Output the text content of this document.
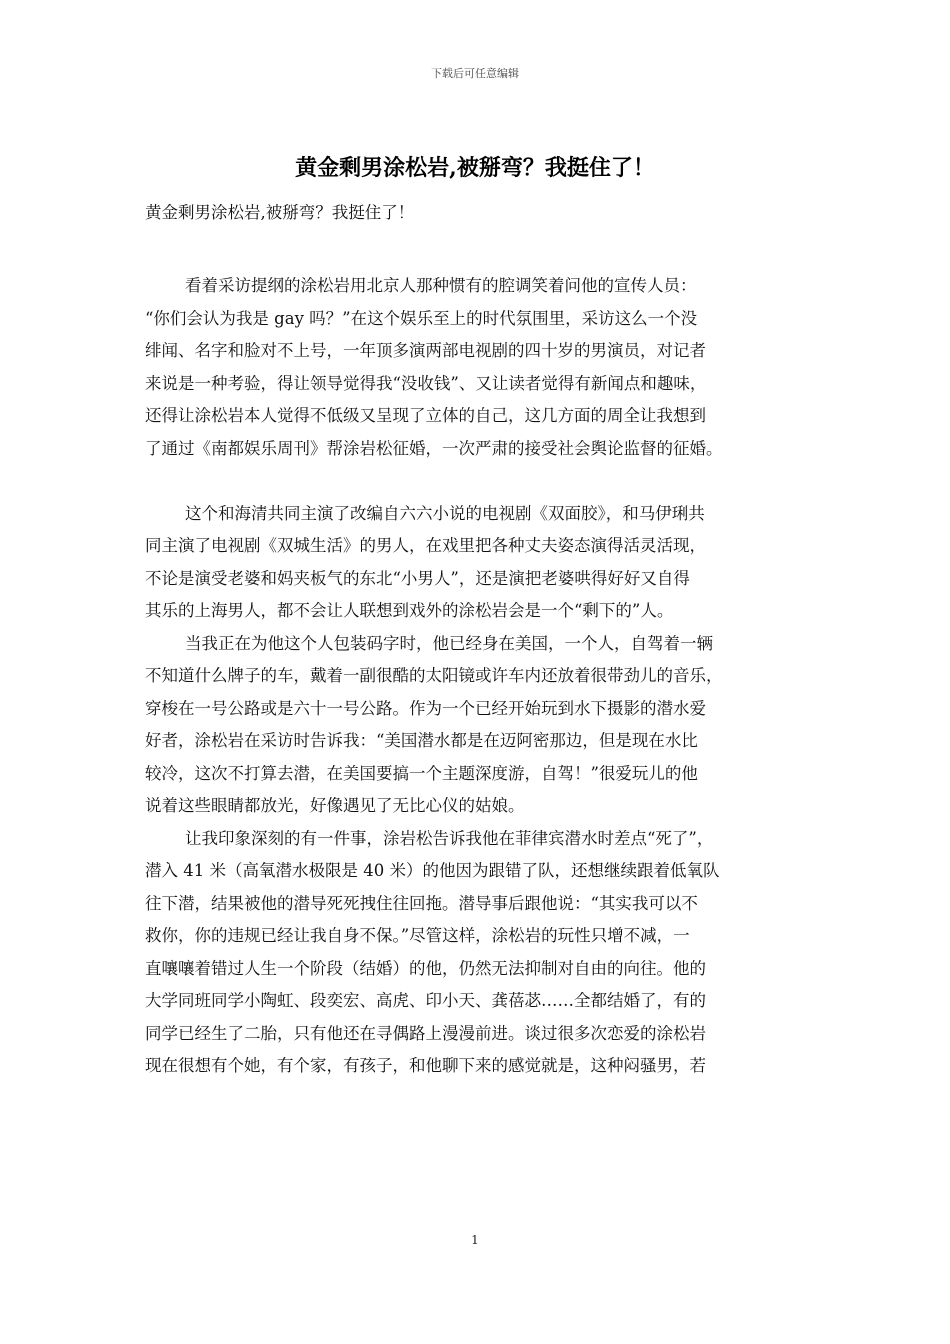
下载后可任意编辑
黄金剩男涂松岩,被掰弯？我挺住了！
黄金剩男涂松岩,被掰弯？我挺住了！
看着采访提纲的涂松岩用北京人那种惯有的腔调笑着问他的宣传人员：
“你们会认为我是 gay 吗？”在这个娱乐至上的时代氛围里，采访这么一个没
绯闻、名字和脸对不上号，一年顶多演两部电视剧的四十岁的男演员，对记者
来说是一种考验，得让领导觉得我“没收钱”、又让读者觉得有新闻点和趣味，
还得让涂松岩本人觉得不低级又呈现了立体的自己，这几方面的周全让我想到
了通过《南都娱乐周刊》帮涂岩松征婚，一次严肃的接受社会舆论监督的征婚。
这个和海清共同主演了改编自六六小说的电视剧《双面胶》，和马伊琍共
同主演了电视剧《双城生活》的男人，在戏里把各种丈夫姿态演得活灵活现，
不论是演受老婆和妈夹板气的东北“小男人”，还是演把老婆哄得好好又自得
其乐的上海男人，都不会让人联想到戏外的涂松岩会是一个“剩下的”人。
当我正在为他这个人包装码字时，他已经身在美国，一个人，自驾着一辆
不知道什么牌子的车，戴着一副很酷的太阳镜或许车内还放着很带劲儿的音乐，
穿梭在一号公路或是六十一号公路。作为一个已经开始玩到水下摄影的潜水爱
好者，涂松岩在采访时告诉我：“美国潜水都是在迈阿密那边，但是现在水比
较冷，这次不打算去潜，在美国要搞一个主题深度游，自驾！”很爱玩儿的他
说着这些眼睛都放光，好像遇见了无比心仪的姑娘。
让我印象深刻的有一件事，涂岩松告诉我他在菲律宾潜水时差点“死了”，
潜入 41 米（高氧潜水极限是 40 米）的他因为跟错了队，还想继续跟着低氧队
往下潜，结果被他的潜导死死拽住往回拖。潜导事后跟他说：“其实我可以不
救你，你的违规已经让我自身不保。”尽管这样，涂松岩的玩性只增不减，一
直嚷嚷着错过人生一个阶段（结婚）的他，仍然无法抑制对自由的向往。他的
大学同班同学小陶虹、段奕宏、高虎、印小天、龚蓓苾……全都结婚了，有的
同学已经生了二胎，只有他还在寻偶路上漫漫前进。谈过很多次恋爱的涂松岩
现在很想有个她，有个家，有孩子，和他聊下来的感觉就是，这种闷骚男，若
1
